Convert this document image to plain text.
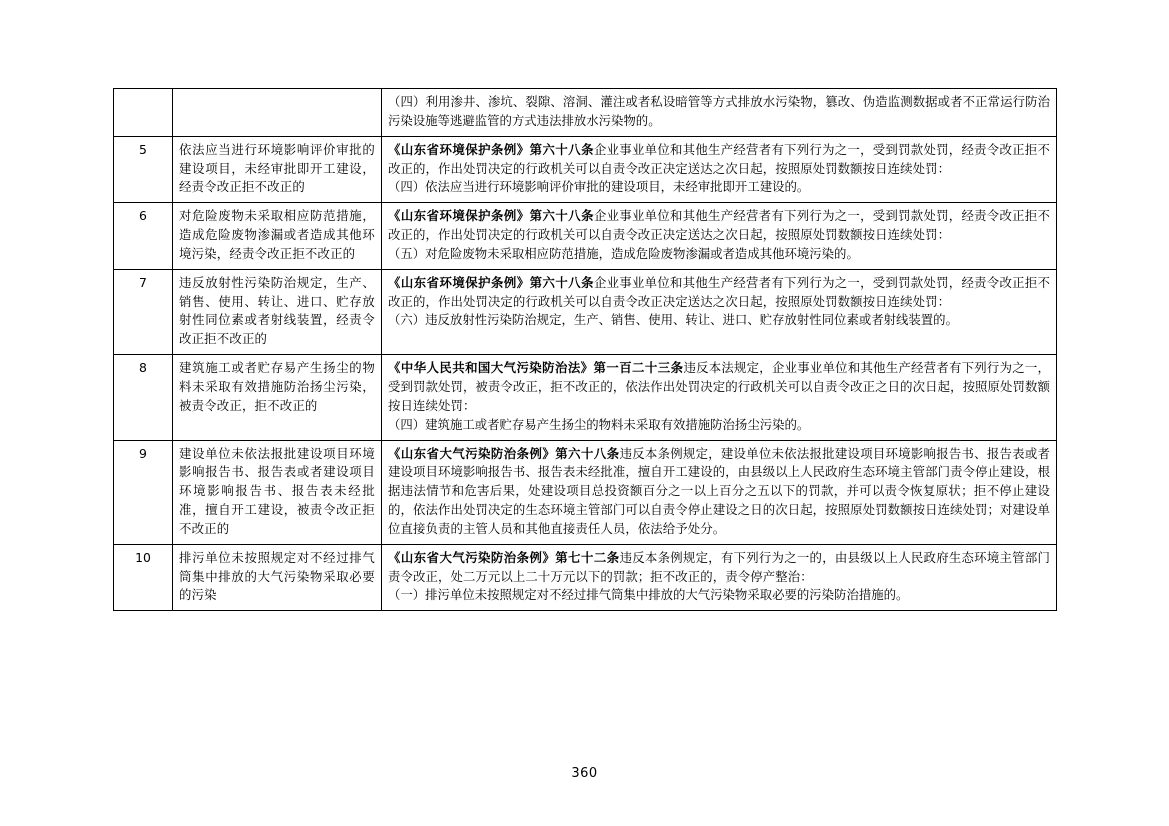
		（四）利用渗井、渗坑、裂隙、溶洞、灌注或者私设暗管等方式排放水污染物，篡改、伪造监测数据或者不正常运行防治污染设施等逃避监管的方式违法排放水污染物的。

5	依法应当进行环境影响评价审批的建设项目，未经审批即开工建设，经责令改正拒不改正的	《山东省环境保护条例》第六十八条企业事业单位和其他生产经营者有下列行为之一，受到罚款处罚，经责令改正拒不改正的，作出处罚决定的行政机关可以自责令改正决定送达之次日起，按照原处罚数额按日连续处罚：

（四）依法应当进行环境影响评价审批的建设项目，未经审批即开工建设的。

6	对危险废物未采取相应防范措施，造成危险废物渗漏或者造成其他环境污染，经责令改正拒不改正的	《山东省环境保护条例》第六十八条企业事业单位和其他生产经营者有下列行为之一，受到罚款处罚，经责令改正拒不改正的，作出处罚决定的行政机关可以自责令改正决定送达之次日起，按照原处罚数额按日连续处罚：

（五）对危险废物未采取相应防范措施，造成危险废物渗漏或者造成其他环境污染的。

7	违反放射性污染防治规定，生产、销售、使用、转让、进口、贮存放射性同位素或者射线装置，经责令改正拒不改正的	《山东省环境保护条例》第六十八条企业事业单位和其他生产经营者有下列行为之一，受到罚款处罚，经责令改正拒不改正的，作出处罚决定的行政机关可以自责令改正决定送达之次日起，按照原处罚数额按日连续处罚：

（六）违反放射性污染防治规定，生产、销售、使用、转让、进口、贮存放射性同位素或者射线装置的。

8	建筑施工或者贮存易产生扬尘的物料未采取有效措施防治扬尘污染，被责令改正，拒不改正的	《中华人民共和国大气污染防治法》第一百二十三条违反本法规定，企业事业单位和其他生产经营者有下列行为之一，受到罚款处罚，被责令改正，拒不改正的，依法作出处罚决定的行政机关可以自责令改正之日的次日起，按照原处罚数额按日连续处罚：

（四）建筑施工或者贮存易产生扬尘的物料未采取有效措施防治扬尘污染的。

9	建设单位未依法报批建设项目环境影响报告书、报告表或者建设项目环境影响报告书、报告表未经批准，擅自开工建设，被责令改正拒不改正的	《山东省大气污染防治条例》第六十八条违反本条例规定，建设单位未依法报批建设项目环境影响报告书、报告表或者建设项目环境影响报告书、报告表未经批准，擅自开工建设的，由县级以上人民政府生态环境主管部门责令停止建设，根据违法情节和危害后果，处建设项目总投资额百分之一以上百分之五以下的罚款，并可以责令恢复原状；拒不停止建设的，依法作出处罚决定的生态环境主管部门可以自责令停止建设之日的次日起，按照原处罚数额按日连续处罚；对建设单位直接负责的主管人员和其他直接责任人员，依法给予处分。

10	排污单位未按照规定对不经过排气筒集中排放的大气污染物采取必要的污染	《山东省大气污染防治条例》第七十二条违反本条例规定，有下列行为之一的，由县级以上人民政府生态环境主管部门责令改正，处二万元以上二十万元以下的罚款；拒不改正的，责令停产整治：

（一）排污单位未按照规定对不经过排气筒集中排放的大气污染物采取必要的污染防治措施的。

360
